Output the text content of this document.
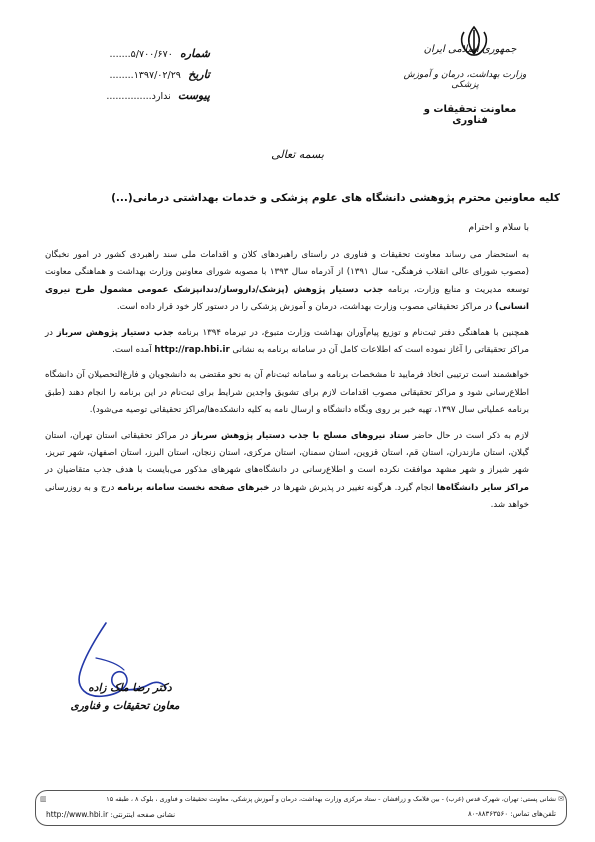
جمهوری اسلامی ایران
وزارت بهداشت، درمان و آموزش پزشکی
معاونت تحقیقات و فناوری
شماره ۵/۷۰۰/۶۷۰.......
تاریخ ۱۳۹۷/۰۲/۲۹........
پیوست ندارد...............
بسمه تعالی
کلیه معاونین محترم پژوهشی دانشگاه های علوم پزشکی و خدمات بهداشتی درمانی(...)
با سلام و احترام

به استحضار می رساند معاونت تحقیقات و فناوری در راستای راهبردهای کلان و اقدامات ملی سند راهبردی کشور در امور نخبگان (مصوب شورای عالی انقلاب فرهنگی- سال ۱۳۹۱) از آذرماه سال ۱۳۹۳ با مصوبه شورای معاونین وزارت بهداشت و هماهنگی معاونت توسعه مدیریت و منابع وزارت، برنامه جذب دستیار پژوهش (پزشک/داروساز/دندانپزشک عمومی مشمول طرح نیروی انسانی) در مراکز تحقیقاتی مصوب وزارت بهداشت، درمان و آموزش پزشکی را در دستور کار خود قرار داده است.

همچنین با هماهنگی دفتر ثبت‌نام و توزیع پیام‌آوران بهداشت وزارت متبوع، در تیرماه ۱۳۹۴ برنامه جذب دستیار پژوهش سرباز در مراکز تحقیقاتی را آغاز نموده است که اطلاعات کامل آن در سامانه برنامه به نشانی http://rap.hbi.ir آمده است.

خواهشمند است ترتیبی اتخاذ فرمایید تا مشخصات برنامه و سامانه ثبت‌نام آن به نحو مقتضی به دانشجویان و فارغ‌التحصیلان آن دانشگاه اطلاع‌رسانی شود و مراکز تحقیقاتی مصوب اقدامات لازم برای تشویق واجدین شرایط برای ثبت‌نام در این برنامه را انجام دهند (طبق برنامه عملیاتی سال ۱۳۹۷، تهیه خبر بر روی وبگاه دانشگاه و ارسال نامه به کلیه دانشکده‌ها/مراکز تحقیقاتی توصیه می‌شود).

لازم به ذکر است در حال حاضر ستاد نیروهای مسلح با جذب دستیار پژوهش سرباز در مراکز تحقیقاتی استان تهران، استان گیلان، استان مازندران، استان قم، استان قزوین، استان سمنان، استان مرکزی، استان زنجان، استان البرز، استان اصفهان، شهر تبریز، شهر شیراز و شهر مشهد موافقت نکرده است و اطلاع‌رسانی در دانشگاه‌های شهرهای مذکور می‌بایست با هدف جذب متقاضیان در مراکز سایر دانشگاه‌ها انجام گیرد. هرگونه تغییر در پذیرش شهرها در خبرهای صفحه نخست سامانه برنامه درج و به روزرسانی خواهد شد.

دکتر رضا ملک زاده
معاون تحقیقات و فناوری
✉
▥	نشانی پستی: تهران، شهرک قدس (غرب) - بین فلامک و زرافشان - ستاد مرکزی وزارت بهداشت، درمان و آموزش پزشکی، معاونت تحقیقات و فناوری ، بلوک ۸ ، طبقه ۱۵
تلفن‌های تماس: ۸۸۳۶۳۵۶۰-۸۰
نشانی صفحه اینترنتی: http://www.hbi.ir
